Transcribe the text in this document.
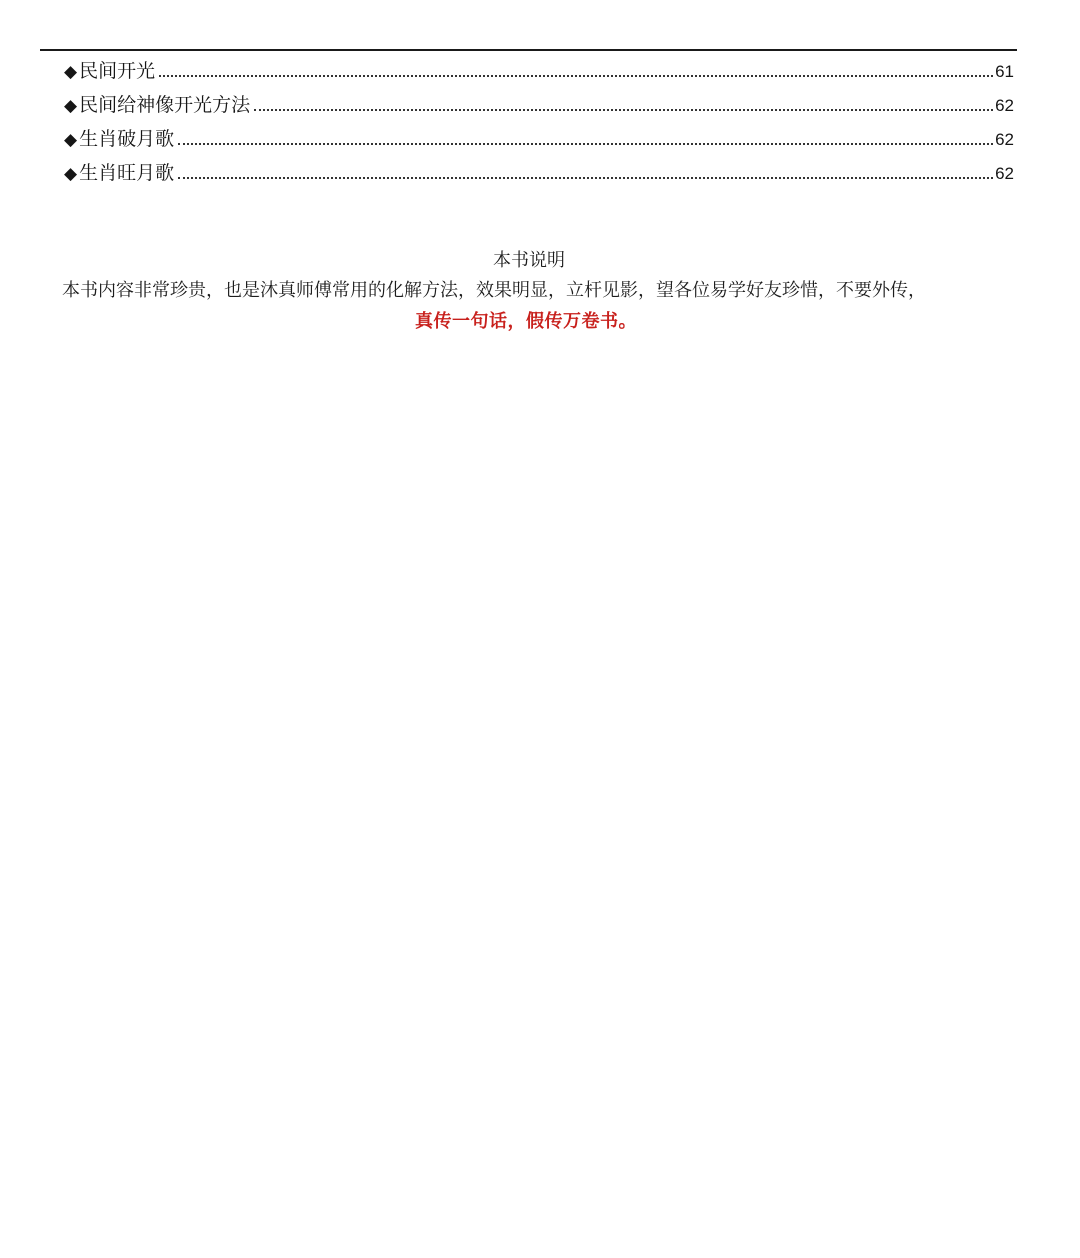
◆ 民间开光	61
◆ 民间给神像开光方法	62
◆ 生肖破月歌	62
◆ 生肖旺月歌	62
本书说明
本书内容非常珍贵，也是沐真师傅常用的化解方法，效果明显，立杆见影，望各位易学好友珍惜，不要外传，
真传一句话，假传万卷书。
